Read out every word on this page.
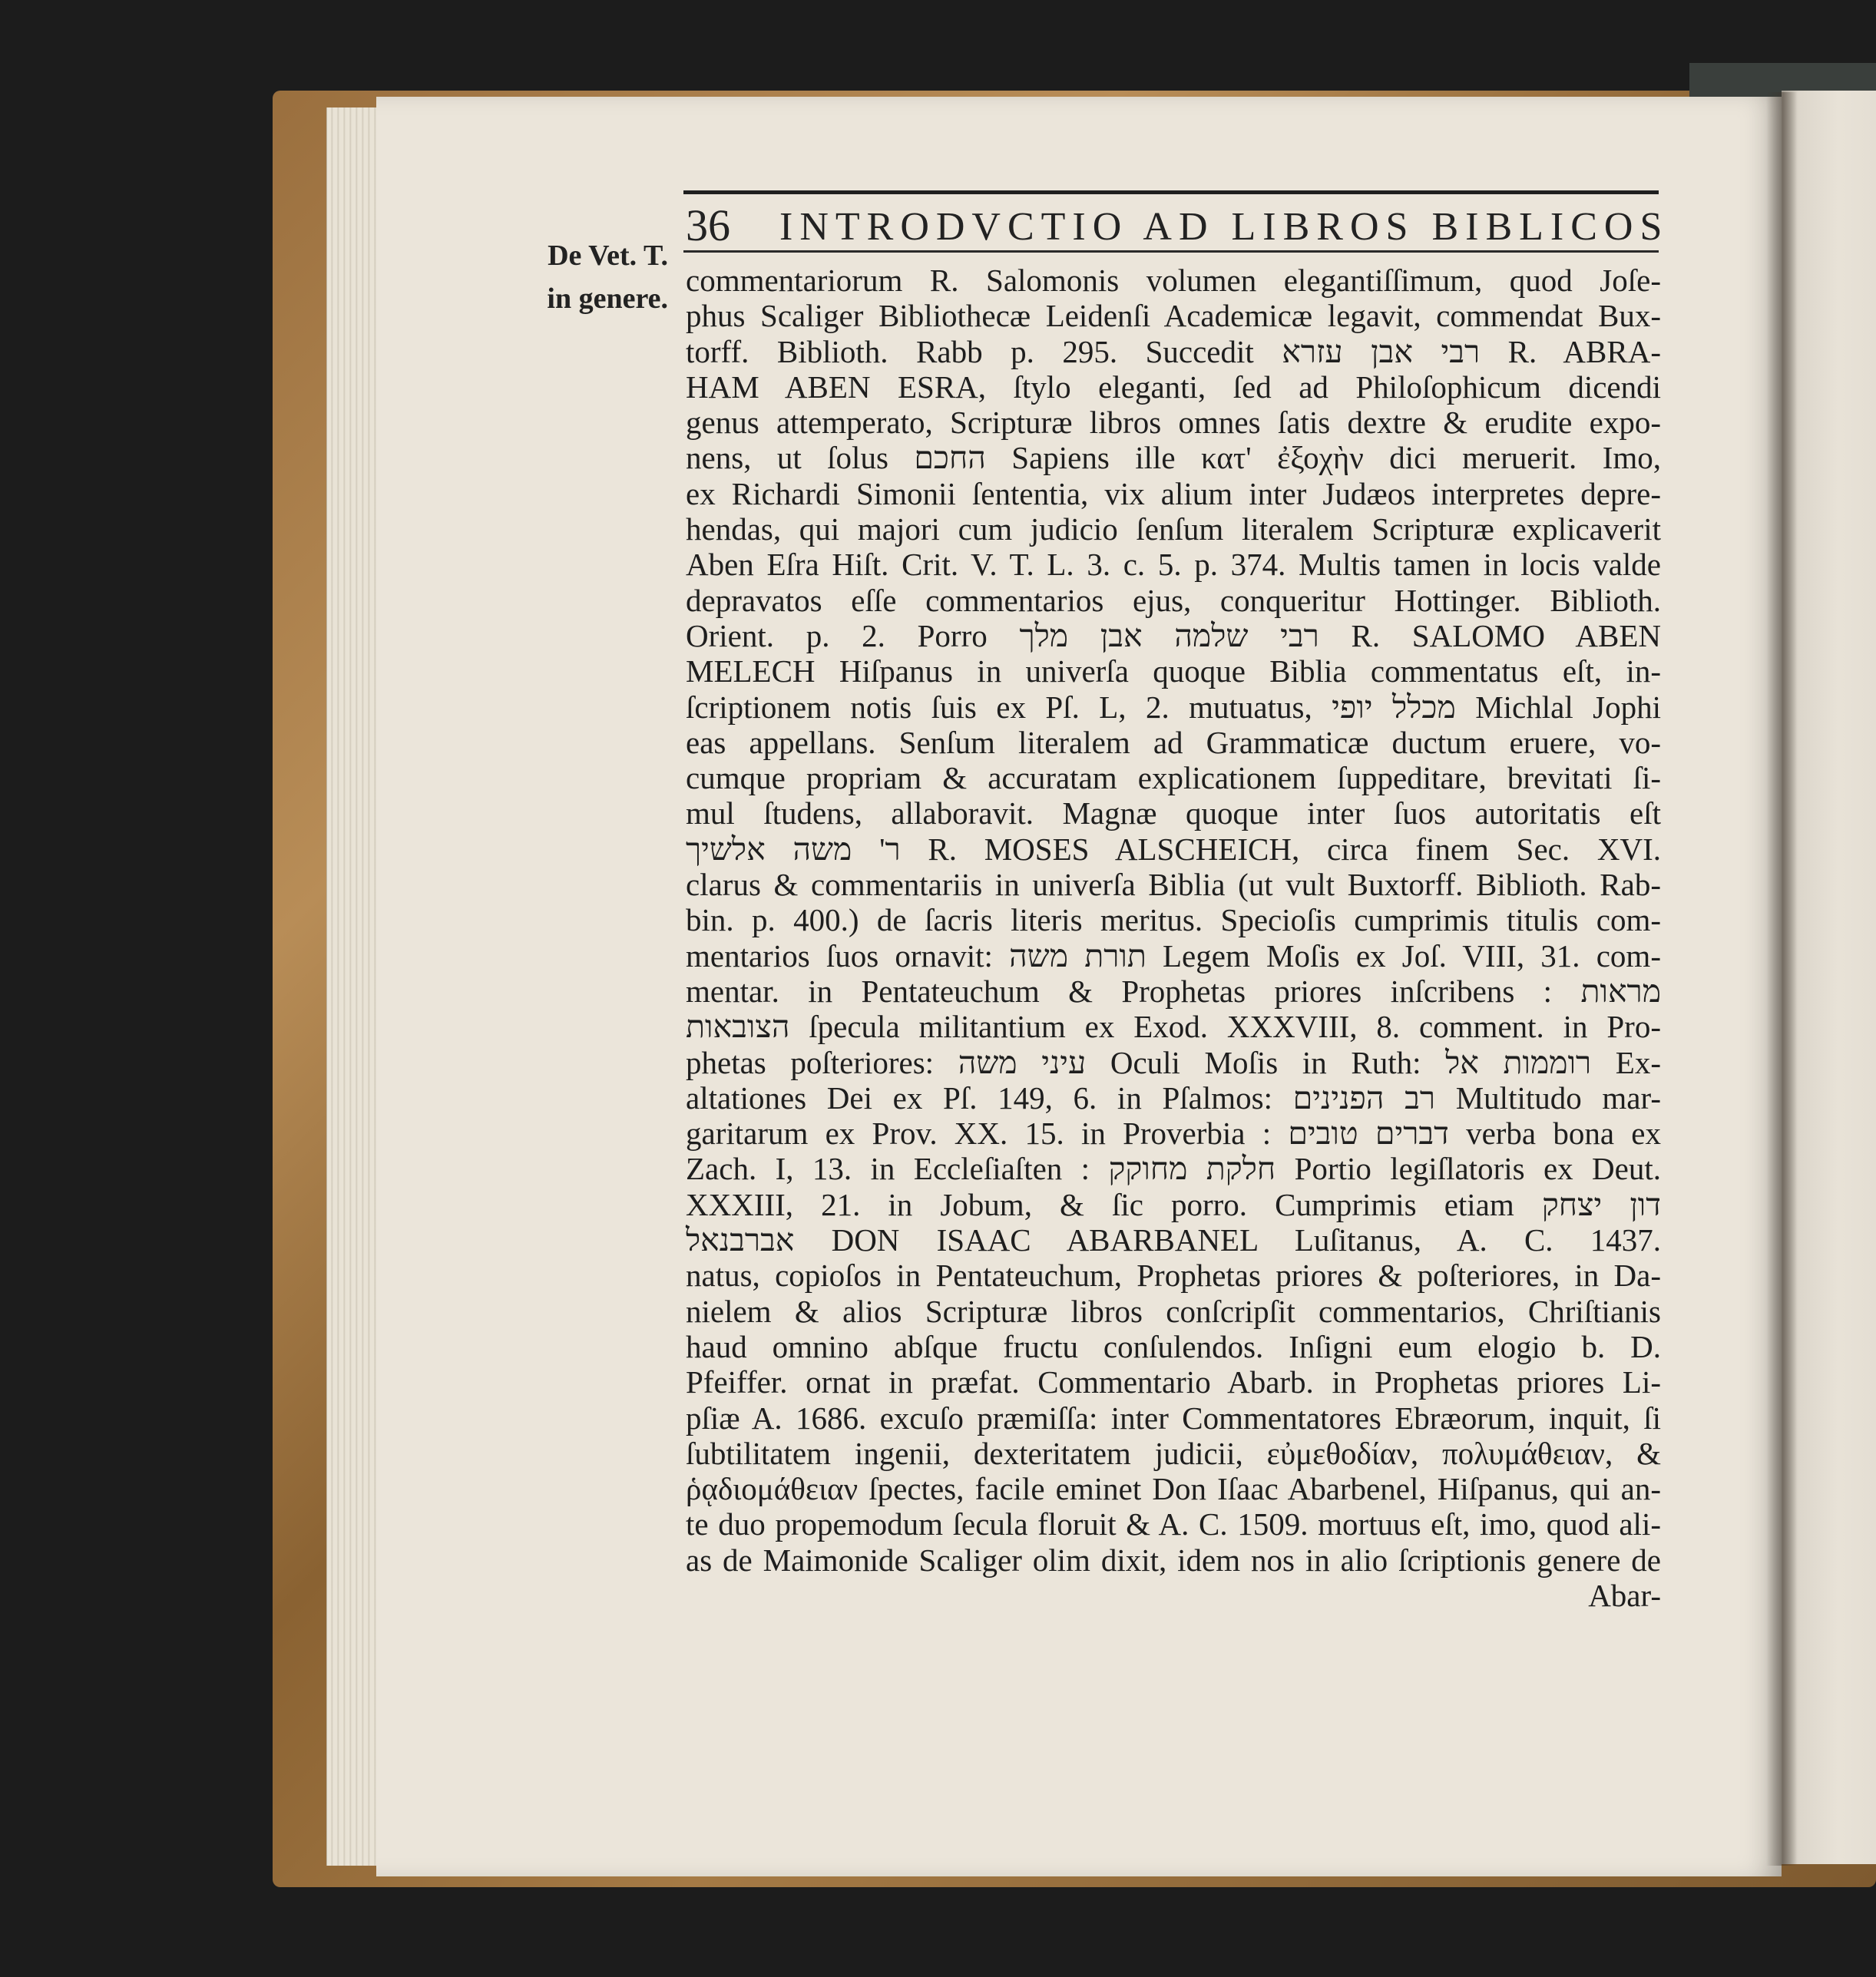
36 INTRODVCTIO AD LIBROS BIBLICOS
De Vet. T.
in genere.
commentariorum R. Salomonis volumen elegantiſſimum, quod Joſe-
phus Scaliger Bibliothecæ Leidenſi Academicæ legavit, commendat Bux-
torff. Biblioth. Rabb p. 295. Succedit רבי אבן עזרא R. ABRA-
HAM ABEN ESRA, ſtylo eleganti, ſed ad Philoſophicum dicendi
genus attemperato, Scripturæ libros omnes ſatis dextre & erudite expo-
nens, ut ſolus החכם Sapiens ille κατ' ἐξοχὴν dici meruerit. Imo,
ex Richardi Simonii ſententia, vix alium inter Judæos interpretes depre-
hendas, qui majori cum judicio ſenſum literalem Scripturæ explicaverit
Aben Eſra Hiſt. Crit. V. T. L. 3. c. 5. p. 374. Multis tamen in locis valde
depravatos eſſe commentarios ejus, conqueritur Hottinger. Biblioth.
Orient. p. 2. Porro רבי שלמה אבן מלך R. SALOMO ABEN
MELECH Hiſpanus in univerſa quoque Biblia commentatus eſt, in-
ſcriptionem notis ſuis ex Pſ. L, 2. mutuatus, מכלל יופי Michlal Jophi
eas appellans. Senſum literalem ad Grammaticæ ductum eruere, vo-
cumque propriam & accuratam explicationem ſuppeditare, brevitati ſi-
mul ſtudens, allaboravit. Magnæ quoque inter ſuos autoritatis eſt
ר' משה אלשיך R. MOSES ALSCHEICH, circa finem Sec. XVI.
clarus & commentariis in univerſa Biblia (ut vult Buxtorff. Biblioth. Rab-
bin. p. 400.) de ſacris literis meritus. Specioſis cumprimis titulis com-
mentarios ſuos ornavit: תורת משה Legem Moſis ex Joſ. VIII, 31. com-
mentar. in Pentateuchum & Prophetas priores inſcribens : מראות
הצובאות ſpecula militantium ex Exod. XXXVIII, 8. comment. in Pro-
phetas poſteriores: עיני משה Oculi Moſis in Ruth: רוממות אל Ex-
altationes Dei ex Pſ. 149, 6. in Pſalmos: רב הפנינים Multitudo mar-
garitarum ex Prov. XX. 15. in Proverbia : דברים טובים verba bona ex
Zach. I, 13. in Eccleſiaſten : חלקת מחוקק Portio legiſlatoris ex Deut.
XXXIII, 21. in Jobum, & ſic porro. Cumprimis etiam דון יצחק
אברבנאל DON ISAAC ABARBANEL Luſitanus, A. C. 1437.
natus, copioſos in Pentateuchum, Prophetas priores & poſteriores, in Da-
nielem & alios Scripturæ libros conſcripſit commentarios, Chriſtianis
haud omnino abſque fructu conſulendos. Inſigni eum elogio b. D.
Pfeiffer. ornat in præfat. Commentario Abarb. in Prophetas priores Li-
pſiæ A. 1686. excuſo præmiſſa: inter Commentatores Ebræorum, inquit, ſi
ſubtilitatem ingenii, dexteritatem judicii, εὐμεθοδίαν, πολυμάθειαν, &
ῥᾳδιομάθειαν ſpectes, facile eminet Don Iſaac Abarbenel, Hiſpanus, qui an-
te duo propemodum ſecula floruit & A. C. 1509. mortuus eſt, imo, quod ali-
as de Maimonide Scaliger olim dixit, idem nos in alio ſcriptionis genere de
Abar-
